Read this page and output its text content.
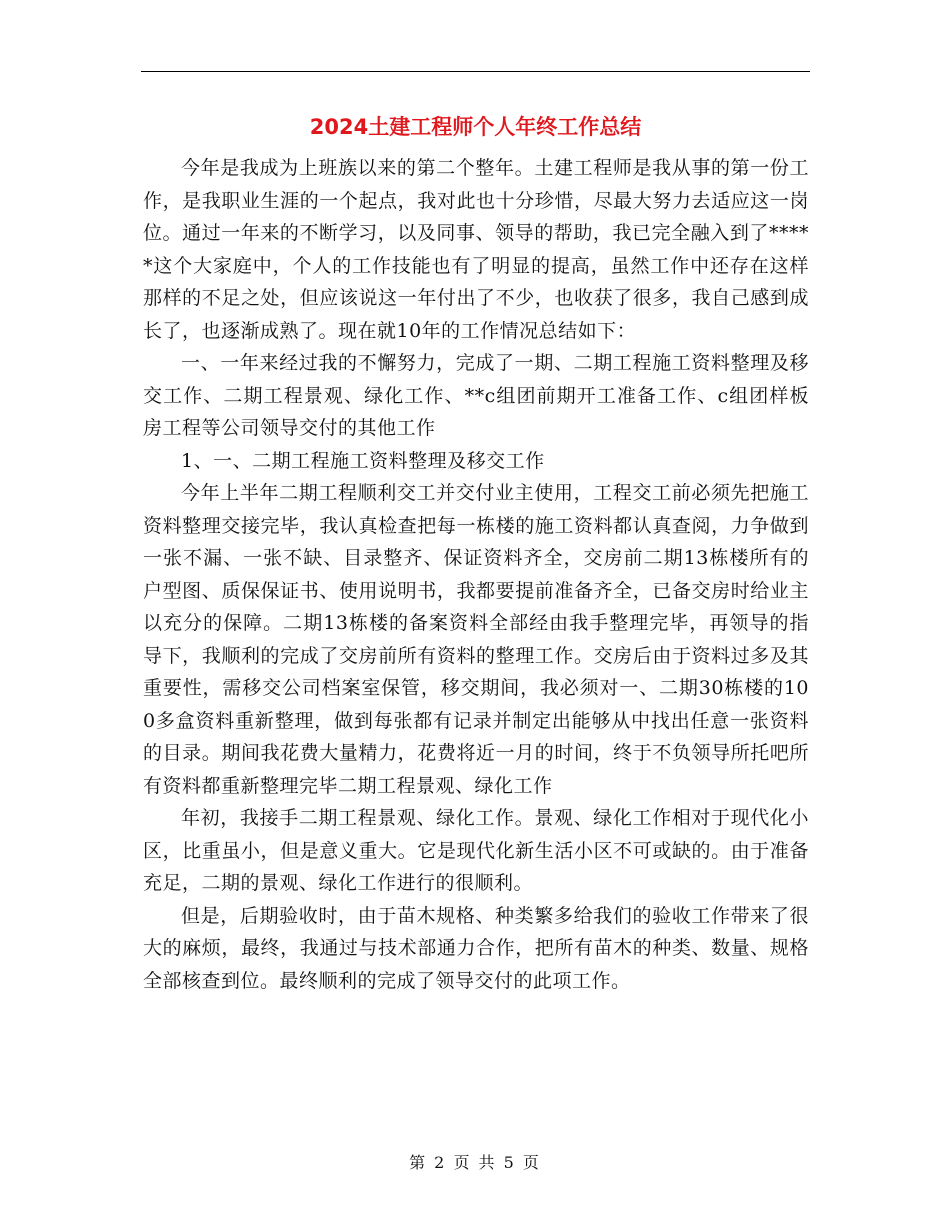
2024土建工程师个人年终工作总结

今年是我成为上班族以来的第二个整年。土建工程师是我从事的第一份工作，是我职业生涯的一个起点，我对此也十分珍惜，尽最大努力去适应这一岗位。通过一年来的不断学习，以及同事、领导的帮助，我已完全融入到了*****这个大家庭中，个人的工作技能也有了明显的提高，虽然工作中还存在这样那样的不足之处，但应该说这一年付出了不少，也收获了很多，我自己感到成长了，也逐渐成熟了。现在就10年的工作情况总结如下：

一、一年来经过我的不懈努力，完成了一期、二期工程施工资料整理及移交工作、二期工程景观、绿化工作、**c组团前期开工准备工作、c组团样板房工程等公司领导交付的其他工作

1、一、二期工程施工资料整理及移交工作

今年上半年二期工程顺利交工并交付业主使用，工程交工前必须先把施工资料整理交接完毕，我认真检查把每一栋楼的施工资料都认真查阅，力争做到一张不漏、一张不缺、目录整齐、保证资料齐全，交房前二期13栋楼所有的户型图、质保保证书、使用说明书，我都要提前准备齐全，已备交房时给业主以充分的保障。二期13栋楼的备案资料全部经由我手整理完毕，再领导的指导下，我顺利的完成了交房前所有资料的整理工作。交房后由于资料过多及其重要性，需移交公司档案室保管，移交期间，我必须对一、二期30栋楼的100多盒资料重新整理，做到每张都有记录并制定出能够从中找出任意一张资料的目录。期间我花费大量精力，花费将近一月的时间，终于不负领导所托吧所有资料都重新整理完毕二期工程景观、绿化工作

年初，我接手二期工程景观、绿化工作。景观、绿化工作相对于现代化小区，比重虽小，但是意义重大。它是现代化新生活小区不可或缺的。由于准备充足，二期的景观、绿化工作进行的很顺利。

但是，后期验收时，由于苗木规格、种类繁多给我们的验收工作带来了很大的麻烦，最终，我通过与技术部通力合作，把所有苗木的种类、数量、规格全部核查到位。最终顺利的完成了领导交付的此项工作。

第 2 页 共 5 页
